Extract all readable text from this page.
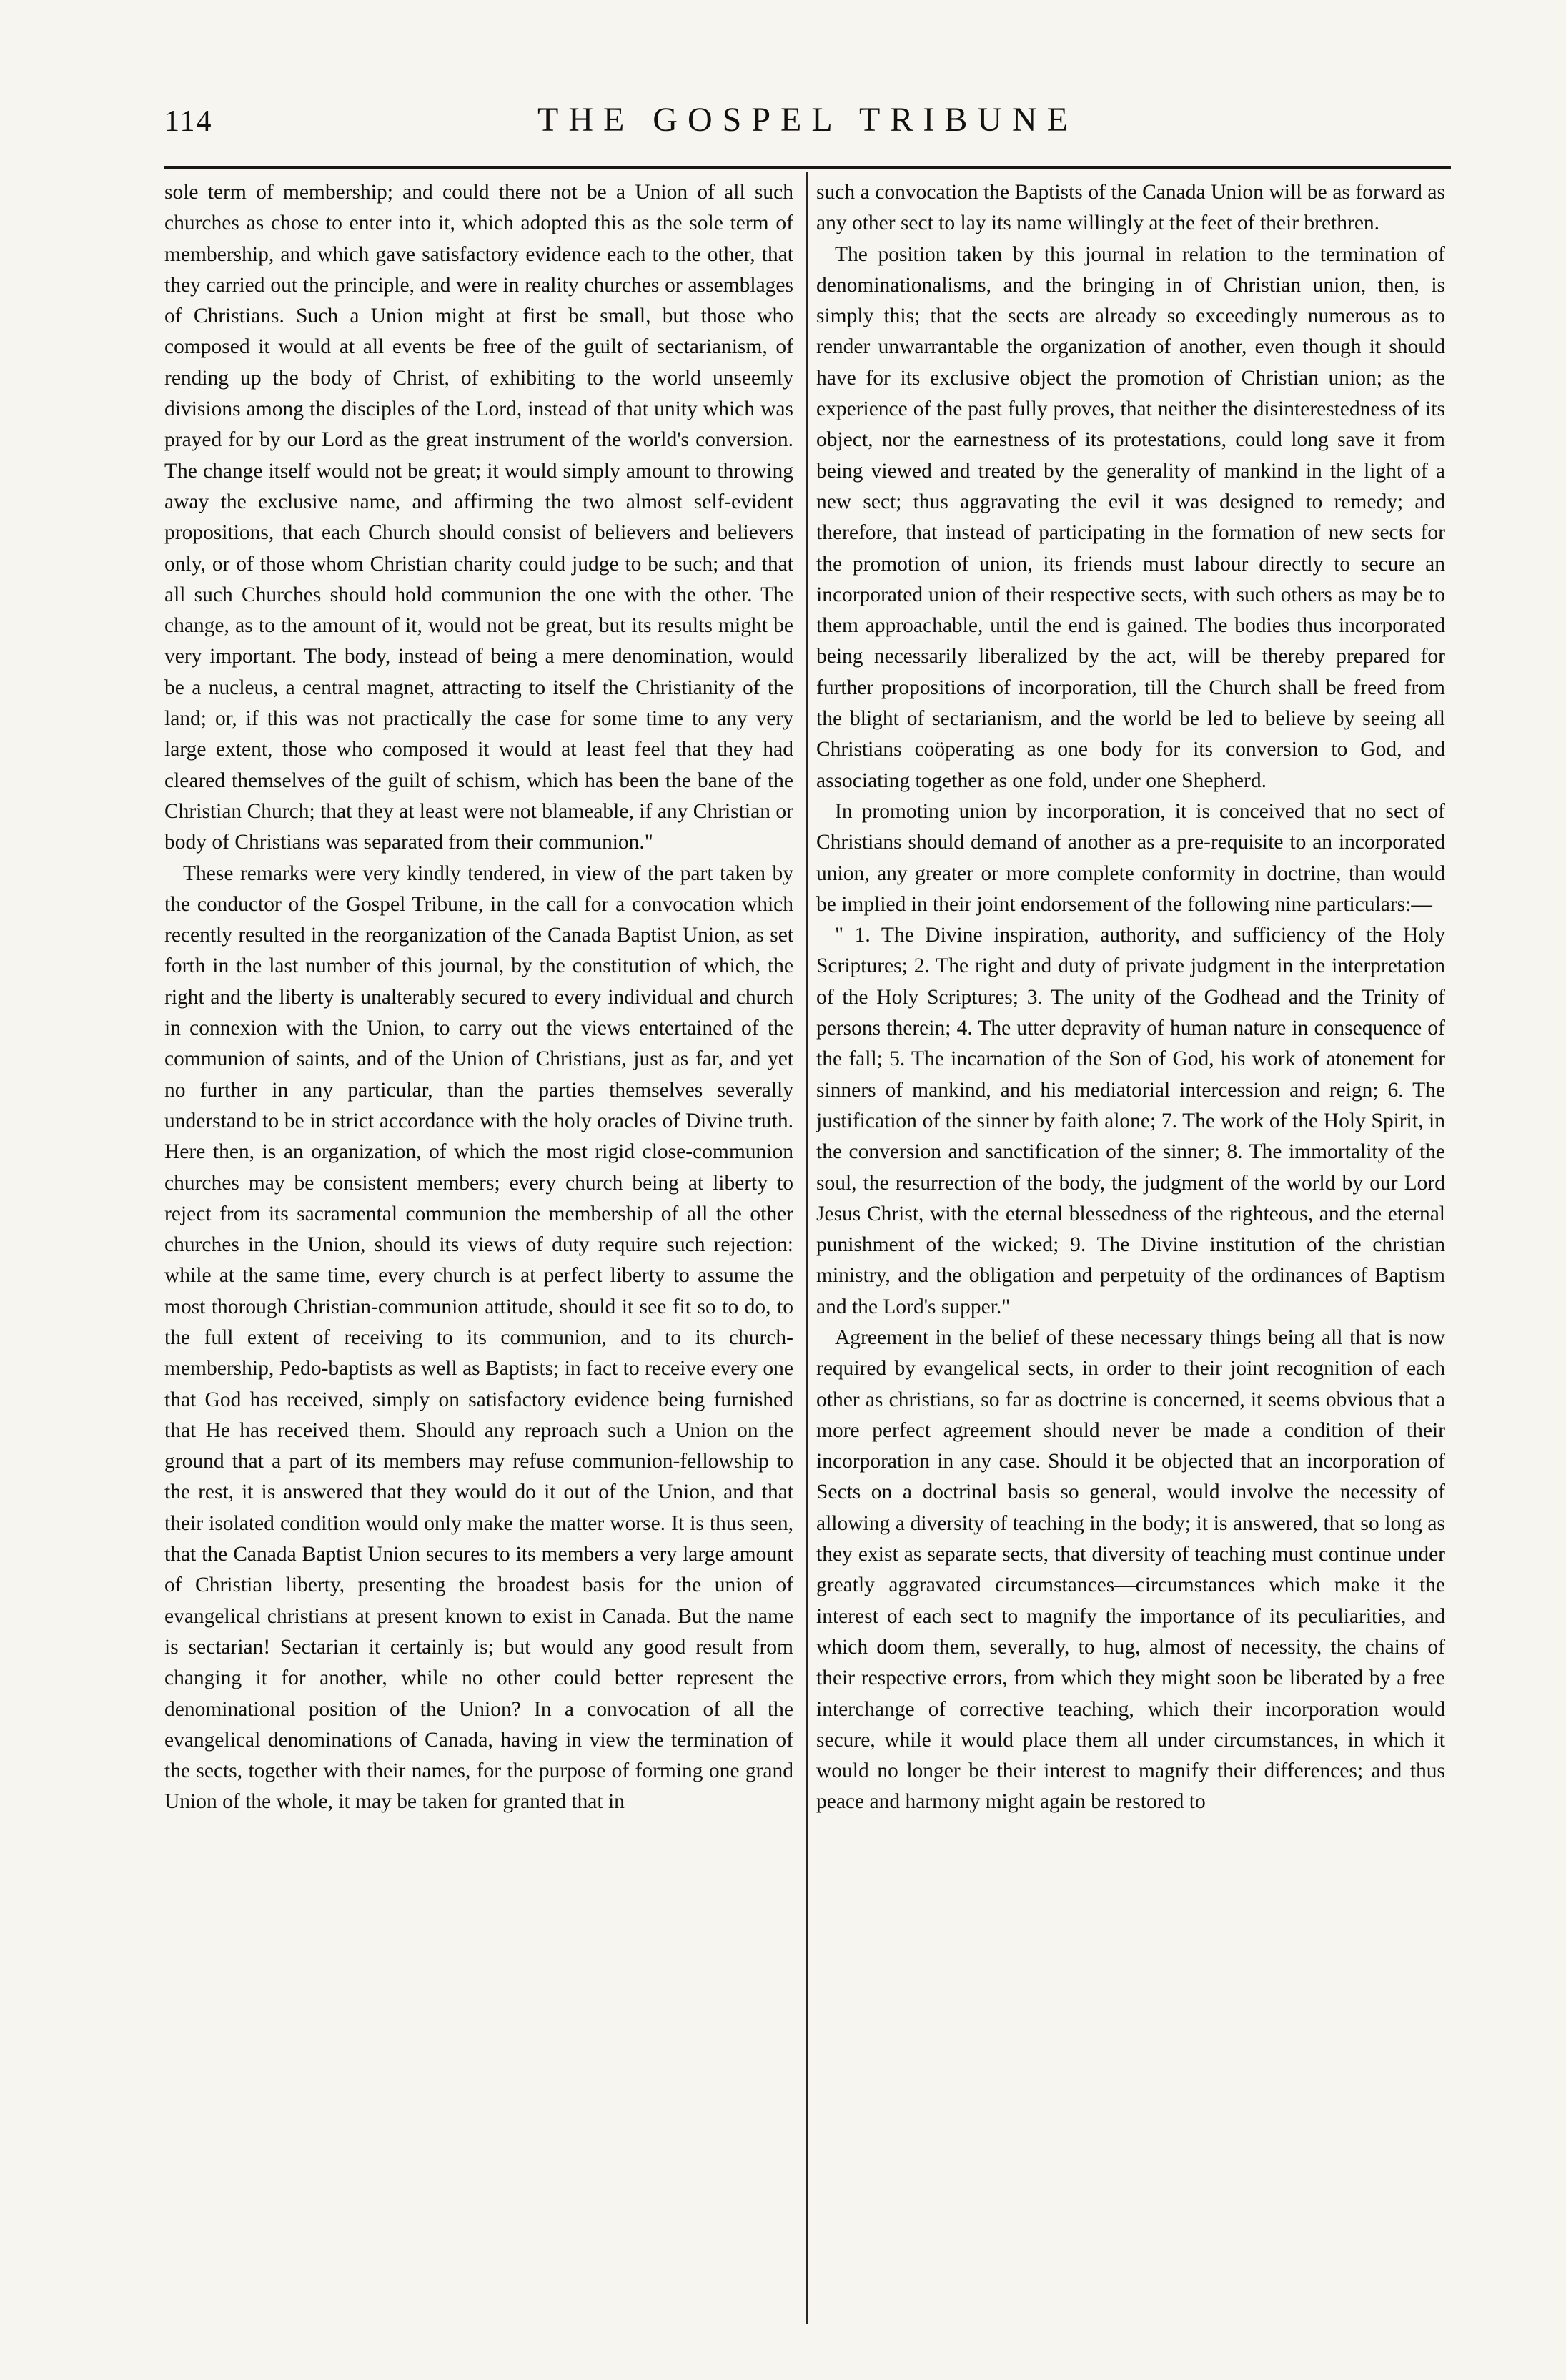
114	THE GOSPEL TRIBUNE

sole term of membership; and could there not be a Union of all such churches as chose to enter into it, which adopted this as the sole term of membership, and which gave satisfactory evidence each to the other, that they carried out the principle, and were in reality churches or assemblages of Christians. Such a Union might at first be small, but those who composed it would at all events be free of the guilt of sectarianism, of rending up the body of Christ, of exhibiting to the world unseemly divisions among the disciples of the Lord, instead of that unity which was prayed for by our Lord as the great instrument of the world's conversion. The change itself would not be great; it would simply amount to throwing away the exclusive name, and affirming the two almost self-evident propositions, that each Church should consist of believers and believers only, or of those whom Christian charity could judge to be such; and that all such Churches should hold communion the one with the other. The change, as to the amount of it, would not be great, but its results might be very important. The body, instead of being a mere denomination, would be a nucleus, a central magnet, attracting to itself the Christianity of the land; or, if this was not practically the case for some time to any very large extent, those who composed it would at least feel that they had cleared themselves of the guilt of schism, which has been the bane of the Christian Church; that they at least were not blameable, if any Christian or body of Christians was separated from their communion."

These remarks were very kindly tendered, in view of the part taken by the conductor of the Gospel Tribune, in the call for a convocation which recently resulted in the reorganization of the Canada Baptist Union, as set forth in the last number of this journal, by the constitution of which, the right and the liberty is unalterably secured to every individual and church in connexion with the Union, to carry out the views entertained of the communion of saints, and of the Union of Christians, just as far, and yet no further in any particular, than the parties themselves severally understand to be in strict accordance with the holy oracles of Divine truth. Here then, is an organization, of which the most rigid close-communion churches may be consistent members; every church being at liberty to reject from its sacramental communion the membership of all the other churches in the Union, should its views of duty require such rejection: while at the same time, every church is at perfect liberty to assume the most thorough Christian-communion attitude, should it see fit so to do, to the full extent of receiving to its communion, and to its church-membership, Pedo-baptists as well as Baptists; in fact to receive every one that God has received, simply on satisfactory evidence being furnished that He has received them. Should any reproach such a Union on the ground that a part of its members may refuse communion-fellowship to the rest, it is answered that they would do it out of the Union, and that their isolated condition would only make the matter worse. It is thus seen, that the Canada Baptist Union secures to its members a very large amount of Christian liberty, presenting the broadest basis for the union of evangelical christians at present known to exist in Canada. But the name is sectarian! Sectarian it certainly is; but would any good result from changing it for another, while no other could better represent the denominational position of the Union? In a convocation of all the evangelical denominations of Canada, having in view the termination of the sects, together with their names, for the purpose of forming one grand Union of the whole, it may be taken for granted that in

such a convocation the Baptists of the Canada Union will be as forward as any other sect to lay its name willingly at the feet of their brethren.

The position taken by this journal in relation to the termination of denominationalisms, and the bringing in of Christian union, then, is simply this; that the sects are already so exceedingly numerous as to render unwarrantable the organization of another, even though it should have for its exclusive object the promotion of Christian union; as the experience of the past fully proves, that neither the disinterestedness of its object, nor the earnestness of its protestations, could long save it from being viewed and treated by the generality of mankind in the light of a new sect; thus aggravating the evil it was designed to remedy; and therefore, that instead of participating in the formation of new sects for the promotion of union, its friends must labour directly to secure an incorporated union of their respective sects, with such others as may be to them approachable, until the end is gained. The bodies thus incorporated being necessarily liberalized by the act, will be thereby prepared for further propositions of incorporation, till the Church shall be freed from the blight of sectarianism, and the world be led to believe by seeing all Christians coöperating as one body for its conversion to God, and associating together as one fold, under one Shepherd.

In promoting union by incorporation, it is conceived that no sect of Christians should demand of another as a pre-requisite to an incorporated union, any greater or more complete conformity in doctrine, than would be implied in their joint endorsement of the following nine particulars:—

" 1. The Divine inspiration, authority, and sufficiency of the Holy Scriptures; 2. The right and duty of private judgment in the interpretation of the Holy Scriptures; 3. The unity of the Godhead and the Trinity of persons therein; 4. The utter depravity of human nature in consequence of the fall; 5. The incarnation of the Son of God, his work of atonement for sinners of mankind, and his mediatorial intercession and reign; 6. The justification of the sinner by faith alone; 7. The work of the Holy Spirit, in the conversion and sanctification of the sinner; 8. The immortality of the soul, the resurrection of the body, the judgment of the world by our Lord Jesus Christ, with the eternal blessedness of the righteous, and the eternal punishment of the wicked; 9. The Divine institution of the christian ministry, and the obligation and perpetuity of the ordinances of Baptism and the Lord's supper."

Agreement in the belief of these necessary things being all that is now required by evangelical sects, in order to their joint recognition of each other as christians, so far as doctrine is concerned, it seems obvious that a more perfect agreement should never be made a condition of their incorporation in any case. Should it be objected that an incorporation of Sects on a doctrinal basis so general, would involve the necessity of allowing a diversity of teaching in the body; it is answered, that so long as they exist as separate sects, that diversity of teaching must continue under greatly aggravated circumstances—circumstances which make it the interest of each sect to magnify the importance of its peculiarities, and which doom them, severally, to hug, almost of necessity, the chains of their respective errors, from which they might soon be liberated by a free interchange of corrective teaching, which their incorporation would secure, while it would place them all under circumstances, in which it would no longer be their interest to magnify their differences; and thus peace and harmony might again be restored to
